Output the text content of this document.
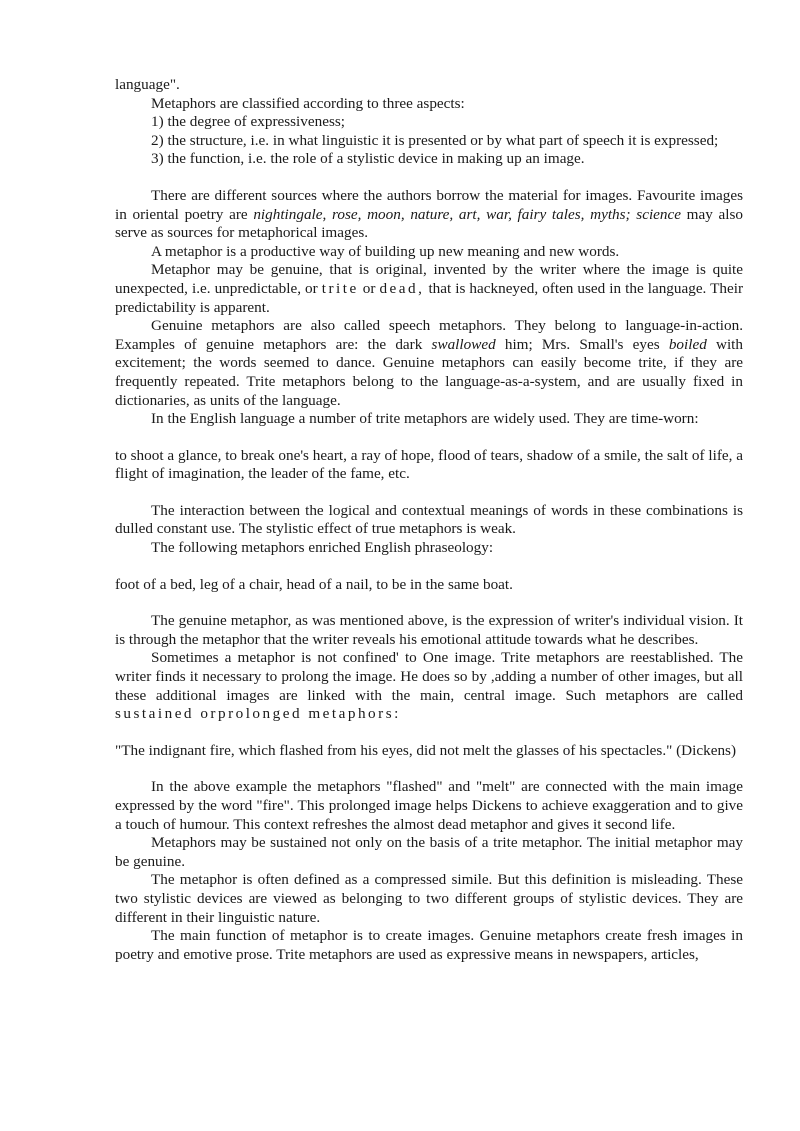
language".

Metaphors are classified according to three aspects:

1) the degree of expressiveness;

2) the structure, i.e. in what linguistic it is presented or by what part of speech it is expressed;

3) the function, i.e. the role of a stylistic device in making up an image.

There are different sources where the authors borrow the material for images. Favourite images in oriental poetry are nightingale, rose, moon, nature, art, war, fairy tales, myths; science may also serve as sources for metaphorical images.

A metaphor is a productive way of building up new meaning and new words.

Metaphor may be genuine, that is original, invented by the writer where the image is quite unexpected, i.e. unpredictable, or trite or dead, that is hackneyed, often used in the language. Their predictability is apparent.

Genuine metaphors are also called speech metaphors. They belong to language-in-action. Examples of genuine metaphors are: the dark swallowed him; Mrs. Small's eyes boiled with excitement; the words seemed to dance. Genuine metaphors can easily become trite, if they are frequently repeated. Trite metaphors belong to the language-as-a-system, and are usually fixed in dictionaries, as units of the language.

In the English language a number of trite metaphors are widely used. They are time-worn:

to shoot a glance, to break one's heart, a ray of hope, flood of tears, shadow of a smile, the salt of life, a flight of imagination, the leader of the fame, etc.

The interaction between the logical and contextual meanings of words in these combinations is dulled constant use. The stylistic effect of true metaphors is weak.

The following metaphors enriched English phraseology:

foot of a bed, leg of a chair, head of a nail, to be in the same boat.

The genuine metaphor, as was mentioned above, is the expression of writer's individual vision. It is through the metaphor that the writer reveals his emotional attitude towards what he describes.

Sometimes a metaphor is not confined' to One image. Trite metaphors are reestablished. The writer finds it necessary to prolong the image. He does so by ,adding a number of other images, but all these additional images are linked with the main, central image. Such metaphors are called sustained orprolonged metaphors:

"The indignant fire, which flashed from his eyes, did not melt the glasses of his spectacles." (Dickens)

In the above example the metaphors "flashed" and "melt" are connected with the main image expressed by the word "fire". This prolonged image helps Dickens to achieve exaggeration and to give a touch of humour. This context refreshes the almost dead metaphor and gives it second life.

Metaphors may be sustained not only on the basis of a trite metaphor. The initial metaphor may be genuine.

The metaphor is often defined as a compressed simile. But this definition is misleading. These two stylistic devices are viewed as belonging to two different groups of stylistic devices. They are different in their linguistic nature.

The main function of metaphor is to create images. Genuine metaphors create fresh images in poetry and emotive prose. Trite metaphors are used as expressive means in newspapers, articles,
